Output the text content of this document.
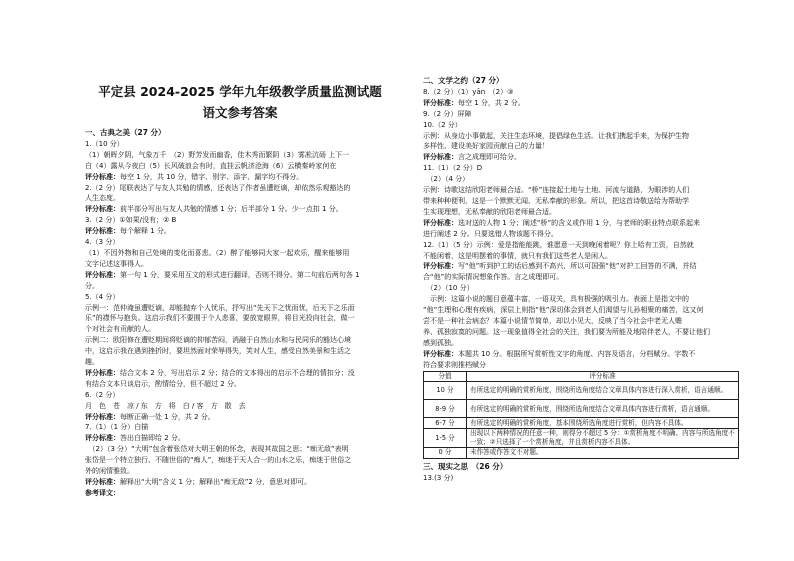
平定县 2024-2025 学年九年级教学质量监测试题
语文参考答案

一、古典之美（27 分）

1.（10 分）

（1）朝晖夕阴，气象万千　（2）野芳发而幽香，佳木秀而繁阴（3）雾凇沆砀 上下一

白（4）露从今夜白（5）长风破浪会有时，直挂云帆济沧海（6）云横秦岭家何在

评分标准：每空 1 分，共 10 分，错字、别字、添字、漏字均不得分。

2.（2 分）尾联表达了与友人共勉的情感，还表达了作者虽遭贬谪，却依然乐观豁达的

人生态度。

评分标准：前半部分写出与友人共勉的情感 1 分；后半部分 1 分。少一点扣 1 分。

3.（2 分）①如果/没有；② B

评分标准：每个解释 1 分。

4.（3 分）

（1）不因外物和自己处境的变化而喜悲。（2）醉了能够同大家一起欢乐，醒来能够用

文字记述这事得人。

评分标准：第一句 1 分，要采用互文的形式进行翻译，否则不得分。第二句前后两句各 1

分。

5.（4 分）

示例一：范仲淹虽遭贬谪，却能抛弃个人忧乐，抒写出“先天下之忧而忧，后天下之乐而

乐”的襟怀与抱负。这启示我们不要囿于个人悲喜，要放宽眼界，将目光投向社会，做一

个对社会有贡献的人。

示例二：欧阳修在遭贬期间将贬谪的抑郁苦闷，消融于自然山水和与民同乐的豁达心境

中，这启示我在遇到挫折时，要坦然面对荣辱得失，笑对人生，感受自然美景和生活之

趣。

评分标准：结合文本 2 分，写出启示 2 分；结合的文本得出的启示不合理的情扣分；没

有结合文本只谈启示，酌情给分，但不超过 2 分。

6.（2 分）

月　色　苍　凉 / 东　方　将　白 / 客　方　散　去

评分标准：每断正确一处 1 分，共 2 分。

7.（1）（1 分）白描

评分标准：答出白描即给 2 分。

　（2）（3 分）“大明”包含着张岱对大明王朝的怀念，表现其故国之思；“痴无敌”表明

张岱是一个特立独行、不随世俗的“痴人”，痴迷于天人合一的山水之乐，痴迷于世俗之

外的闲情雅致。

评分标准：解释出“大明”含义 1 分；解释出“痴无敌”2 分，意思对即可。

参考译文：

二、文学之约（27 分）

8.（2 分）（1）yān　（2）③

评分标准：每空 1 分，共 2 分。

9.（2 分）屏障

10.（2 分）

示例：从身边小事做起，关注生态环境，提倡绿色生活。让我们携起手来，为保护生物

多样性、建设美好家园贡献自己的力量！

评分标准：言之成理即可给分。

11.（1）（2 分）D

　（2）（4 分）

示例：诗歌这结欣阳老师最合适。“桥”连接起土地与土地、河流与道路，为眼涉的人们

带来种种便利，这是一个默默无闻、无私奉献的形象。所以，把这首诗敬送给为帮助学

生实现理想，无私奉献的欣阳老师最合适。

评分标准：选对送的人物 1 分；阐述“桥”的含义或作用 1 分，与老师的职业特点联系起来

进行阐述 2 分。只要选错人物该题不得分。

12.（1）（5 分）示例：爱是指能能跳，谁愿意一天到晚闲着呢？你上哈有工资，自然就

不能闲着，这是明摆着的事情，就只有我们这些老人是闲人。

评分标准：写“他”听到护工的话后感到不高兴，所以可国强“他”对护工回答的不满，并结

合“他”的实际情况想象作答。言之成理即可。

　（2）（10 分）

　示例：这篇小说的题目意蕴丰富，一语双关，具有极强的吸引力。表面上是指文中的

“他”生理和心理有疾病，深层上则指“他”深切体会到老人们渴望与儿孙相聚的痛苦，这又何

尝不是一种社会病态？本篇小说情节简单，却以小见大，反映了当今社会中老无人赡

养、孤独寂寞的问题。这一现象值得全社会的关注，我们要为所能及地陪伴老人，不要让他们

感到孤独。

评分标准：本题共 10 分。根据所写赏析性文字的角度、内容及语言，分档赋分。字数不

符合要求则推档赋分

分值	评分标准
10 分	有所选定的明确的赏析角度，围绕所选角度结合文章具体内容进行深入赏析，语言通顺。
8-9 分	有所选定的明确的赏析角度，围绕所选角度结合文章具体内容进行赏析，语言通顺。
6-7 分	有所选定的明确的赏析角度，基本围绕所选角度进行赏析，但内容不具体。
1-5 分	出现以下两种情况的任意一种，则得分不超过 5 分：①赏析角度不明确、内容与所选角度不一致；②只选择了一个赏析角度，并且赏析内容不具体。
0 分	未作答或作答文不对题。

三、现实之思　（26 分）

13.(3 分)
